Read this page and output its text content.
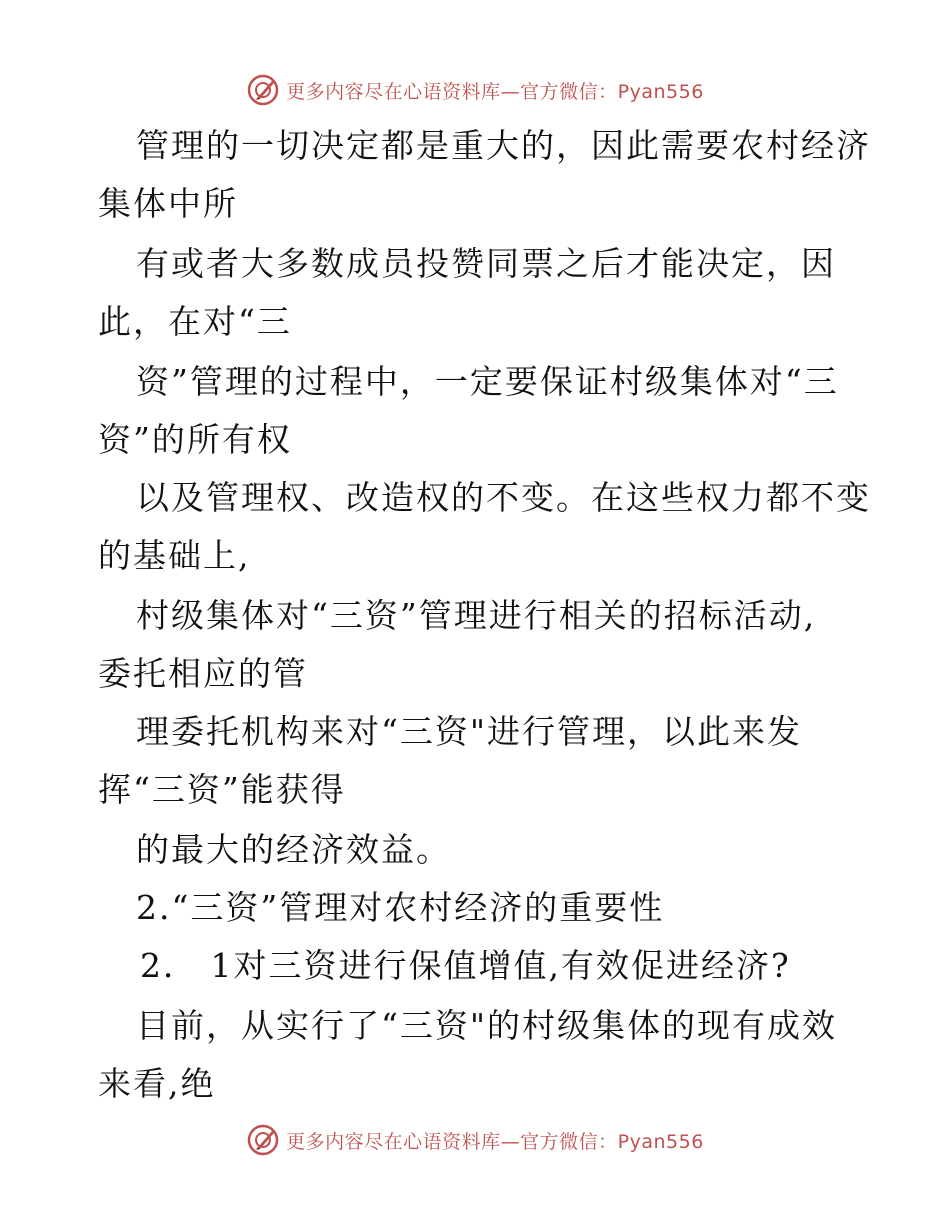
更多内容尽在心语资料库—官方微信：Pyan556
管理的一切决定都是重大的，因此需要农村经济
集体中所
有或者大多数成员投赞同票之后才能决定，因
此，在对“三
资”管理的过程中，一定要保证村级集体对“三
资”的所有权
以及管理权、改造权的不变。在这些权力都不变
的基础上,
村级集体对“三资”管理进行相关的招标活动,
委托相应的管
理委托机构来对“三资"进行管理，以此来发
挥“三资”能获得
的最大的经济效益。
2.“三资”管理对农村经济的重要性
2． 1对三资进行保值增值,有效促进经济?
目前，从实行了“三资"的村级集体的现有成效
来看,绝
更多内容尽在心语资料库—官方微信：Pyan556
